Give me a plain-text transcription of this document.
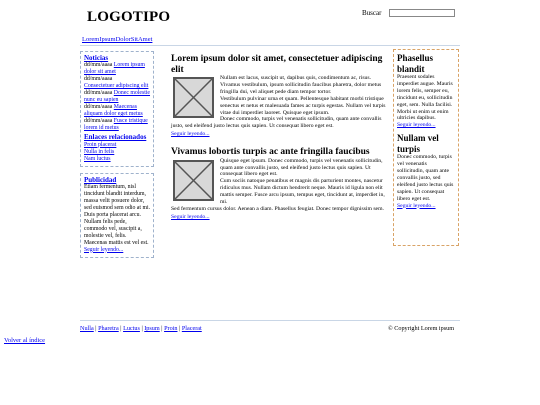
LOGOTIPO	Buscar
LoremIpsumDolorSitAmet
Noticias
dd/mm/aaaa Lorem ipsum dolor sit amet
dd/mm/aaaa
Consectetuer adipiscing elit
dd/mm/aaaa Donec molestie nunc eu sapien
dd/mm/aaaa Maecenas aliquam dolor eget metus
dd/mm/aaaa Fusce tristique lorem id metus
Enlaces relacionados
Proin placerat
Nulla in felis
Nam luctus
Publicidad
Etiam fermentum, nisl tincidunt blandit interdum, massa velit posuere dolor, sed euismod sem odio at mi. Duis porta placerat arcu. Nullam felis pede, commodo vel, suscipit a, molestie vel, felis. Maecenas mattis est vel est.
Seguir leyendo...
Lorem ipsum dolor sit amet, consectetuer adipiscing elit

Nullam est lacus, suscipit ut, dapibus quis, condimentum ac, risus. Vivamus vestibulum, ipsum sollicitudin faucibus pharetra, dolor metus fringilla dui, vel aliquet pede diam tempor tortor.

Vestibulum pulvinar urna et quam. Pellentesque habitant morbi tristique senectus et netus et malesuada fames ac turpis egestas. Nullam vel turpis vitae dui imperdiet laoreet. Quisque eget ipsum.

Donec commodo, turpis vel venenatis sollicitudin, quam ante convallis justo, sed eleifend justo lectus quis sapien. Ut consequat libero eget est.

Seguir leyendo...
Vivamus lobortis turpis ac ante fringilla faucibus

Quisque eget ipsum. Donec commodo, turpis vel venenatis sollicitudin, quam ante convallis justo, sed eleifend justo lectus quis sapien. Ut consequat libero eget est.

Cum sociis natoque penatibus et magnis dis parturient montes, nascetur ridiculus mus. Nullam dictum hendrerit neque. Mauris id ligula non elit mattis semper. Fusce arcu ipsum, tempus eget, tincidunt at, imperdiet in, mi.

Sed fermentum cursus dolor. Aenean a diam. Phasellus feugiat. Donec tempor dignissim sem.

Seguir leyendo...
Phasellus blandit
Praesent sodales imperdiet augue. Mauris lorem felis, semper eu, tincidunt eu, sollicitudin eget, sem. Nulla facilisi. Morbi ut enim ut enim ultricies dapibus.
Seguir leyendo...
Nullam vel turpis
Donec commodo, turpis vel venenatis sollicitudin, quam ante convallis justo, sed eleifend justo lectus quis sapien. Ut consequat libero eget est.
Seguir leyendo...
Nulla | Pharetra | Luctus | Ipsum | Proin | Placerat	© Copyright Lorem ipsum
Volver al índice
